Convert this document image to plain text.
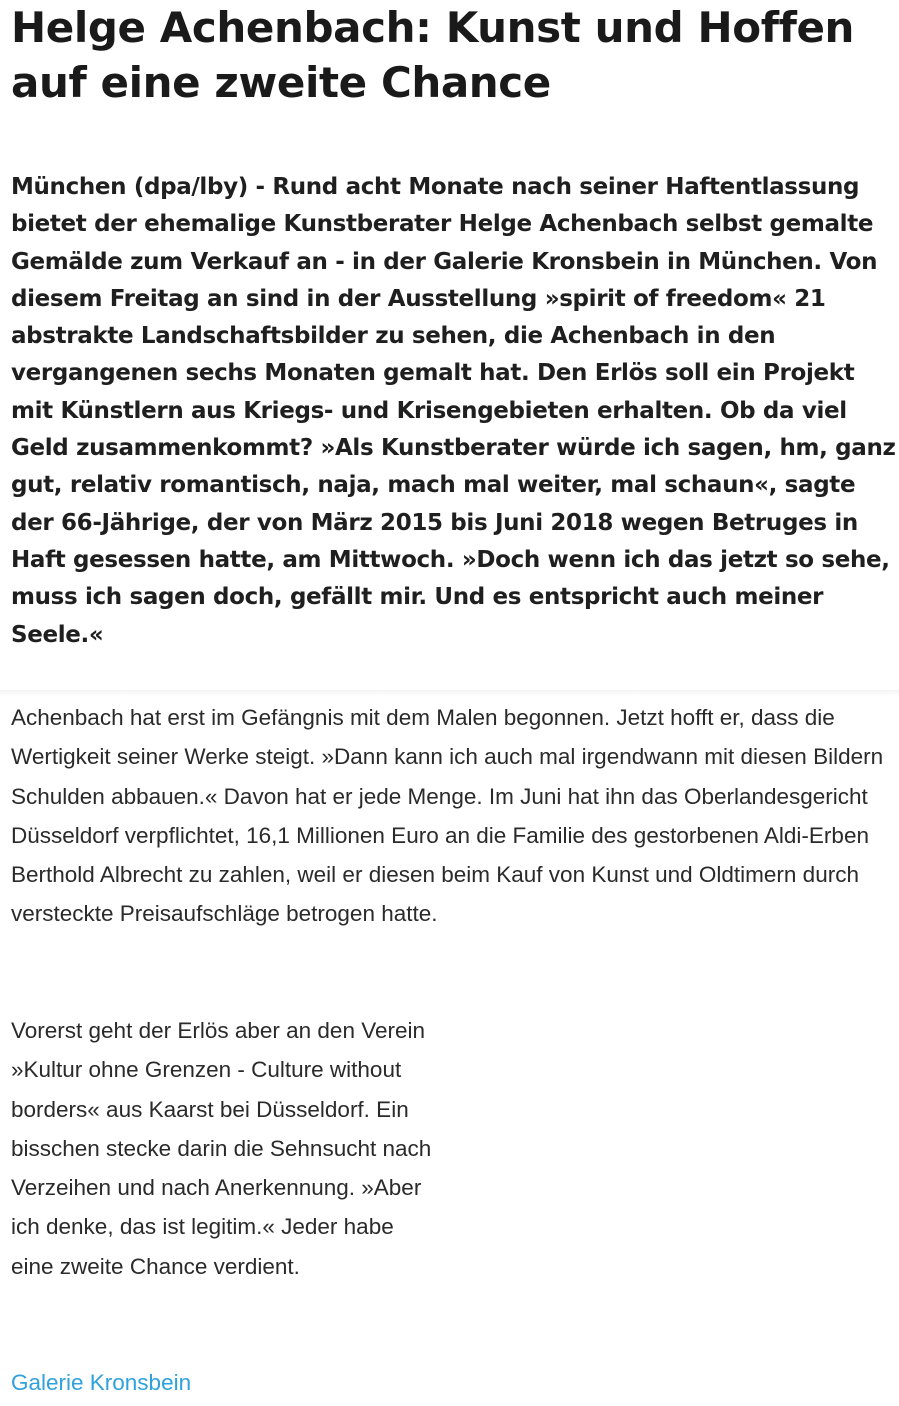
Helge Achenbach: Kunst und Hoffen auf eine zweite Chance

München (dpa/lby) - Rund acht Monate nach seiner Haftentlassung bietet der ehemalige Kunstberater Helge Achenbach selbst gemalte Gemälde zum Verkauf an - in der Galerie Kronsbein in München. Von diesem Freitag an sind in der Ausstellung »spirit of freedom« 21 abstrakte Landschaftsbilder zu sehen, die Achenbach in den vergangenen sechs Monaten gemalt hat. Den Erlös soll ein Projekt mit Künstlern aus Kriegs- und Krisengebieten erhalten. Ob da viel Geld zusammenkommt? »Als Kunstberater würde ich sagen, hm, ganz gut, relativ romantisch, naja, mach mal weiter, mal schaun«, sagte der 66-Jährige, der von März 2015 bis Juni 2018 wegen Betruges in Haft gesessen hatte, am Mittwoch. »Doch wenn ich das jetzt so sehe, muss ich sagen doch, gefällt mir. Und es entspricht auch meiner Seele.«

Achenbach hat erst im Gefängnis mit dem Malen begonnen. Jetzt hofft er, dass die Wertigkeit seiner Werke steigt. »Dann kann ich auch mal irgendwann mit diesen Bildern Schulden abbauen.« Davon hat er jede Menge. Im Juni hat ihn das Oberlandesgericht Düsseldorf verpflichtet, 16,1 Millionen Euro an die Familie des gestorbenen Aldi-Erben Berthold Albrecht zu zahlen, weil er diesen beim Kauf von Kunst und Oldtimern durch versteckte Preisaufschläge betrogen hatte.

Vorerst geht der Erlös aber an den Verein »Kultur ohne Grenzen - Culture without borders« aus Kaarst bei Düsseldorf. Ein bisschen stecke darin die Sehnsucht nach Verzeihen und nach Anerkennung. »Aber ich denke, das ist legitim.« Jeder habe eine zweite Chance verdient.

Galerie Kronsbein
